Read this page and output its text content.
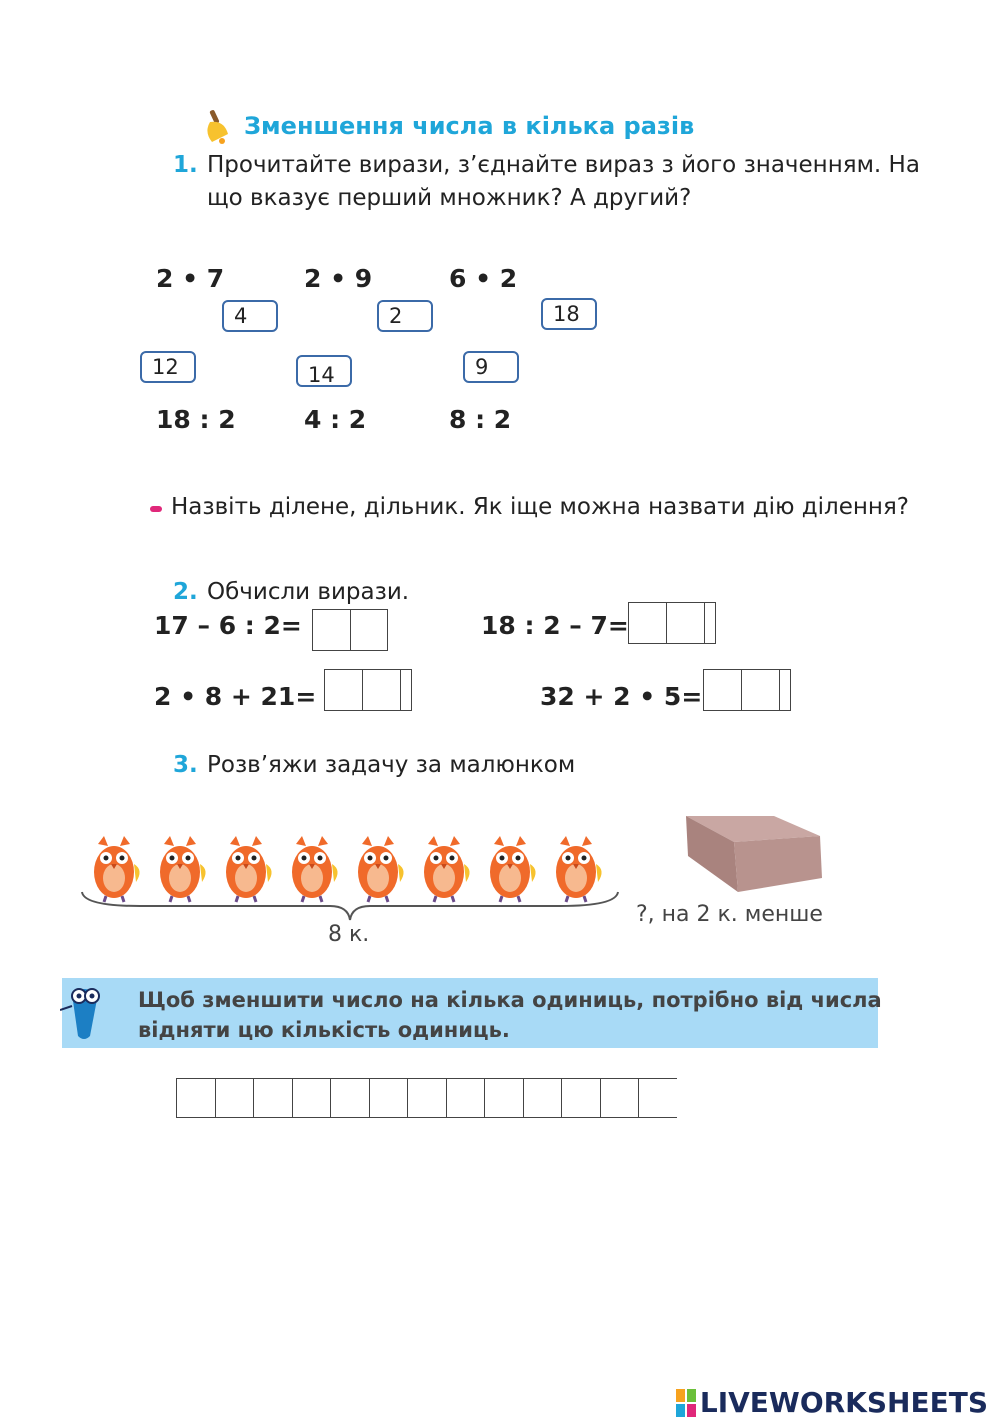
Зменшення числа в кілька разів
1. Прочитайте вирази, з’єднайте вираз з його значенням. На
що вказує перший множник? А другий?
2 • 7	2 • 9	6 • 2
4	2	18
12	14	9
18 : 2	4 : 2	8 : 2
Назвіть ділене, дільник. Як іще можна назвати дію ділення?
2. Обчисли вирази.
17 – 6 : 2=	18 : 2 – 7=
2 • 8 + 21=	32 + 2 • 5=
3. Розв’яжи задачу за малюнком
8 к.
?, на 2 к. менше
Щоб зменшити число на кілька одиниць, потрібно від числа
відняти цю кількість одиниць.
LIVEWORKSHEETS
